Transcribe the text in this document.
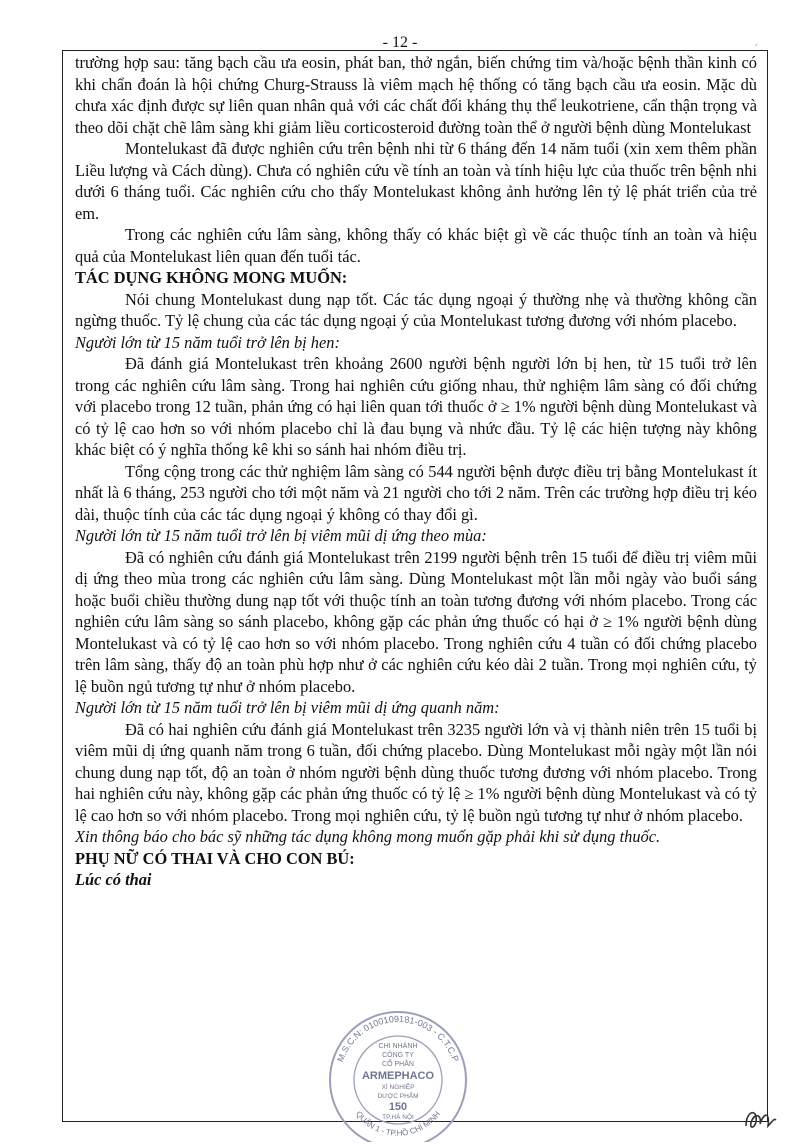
- 12 -	´

trường hợp sau: tăng bạch cầu ưa eosin, phát ban, thở ngắn, biến chứng tim và/hoặc bệnh thần kinh có khi chẩn đoán là hội chứng Churg-Strauss là viêm mạch hệ thống có tăng bạch cầu ưa eosin. Mặc dù chưa xác định được sự liên quan nhân quả với các chất đối kháng thụ thể leukotriene, cẩn thận trọng và theo dõi chặt chẽ lâm sàng khi giảm liều corticosteroid đường toàn thể ở người bệnh dùng Montelukast

Montelukast đã được nghiên cứu trên bệnh nhi từ 6 tháng đến 14 năm tuổi (xin xem thêm phần Liều lượng và Cách dùng). Chưa có nghiên cứu về tính an toàn và tính hiệu lực của thuốc trên bệnh nhi dưới 6 tháng tuổi. Các nghiên cứu cho thấy Montelukast không ảnh hưởng lên tỷ lệ phát triển của trẻ em.

Trong các nghiên cứu lâm sàng, không thấy có khác biệt gì về các thuộc tính an toàn và hiệu quả của Montelukast liên quan đến tuổi tác.

TÁC DỤNG KHÔNG MONG MUỐN:

Nói chung Montelukast dung nạp tốt. Các tác dụng ngoại ý thường nhẹ và thường không cần ngừng thuốc. Tỷ lệ chung của các tác dụng ngoại ý của Montelukast tương đương với nhóm placebo.

Người lớn từ 15 năm tuổi trở lên bị hen:

Đã đánh giá Montelukast trên khoảng 2600 người bệnh người lớn bị hen, từ 15 tuổi trở lên trong các nghiên cứu lâm sàng. Trong hai nghiên cứu giống nhau, thử nghiệm lâm sàng có đối chứng với placebo trong 12 tuần, phản ứng có hại liên quan tới thuốc ở ≥ 1% người bệnh dùng Montelukast và có tỷ lệ cao hơn so với nhóm placebo chỉ là đau bụng và nhức đầu. Tỷ lệ các hiện tượng này không khác biệt có ý nghĩa thống kê khi so sánh hai nhóm điều trị.

Tổng cộng trong các thử nghiệm lâm sàng có 544 người bệnh được điều trị bằng Montelukast ít nhất là 6 tháng, 253 người cho tới một năm và 21 người cho tới 2 năm. Trên các trường hợp điều trị kéo dài, thuộc tính của các tác dụng ngoại ý không có thay đổi gì.

Người lớn từ 15 năm tuổi trở lên bị viêm mũi dị ứng theo mùa:

Đã có nghiên cứu đánh giá Montelukast trên 2199 người bệnh trên 15 tuổi để điều trị viêm mũi dị ứng theo mùa trong các nghiên cứu lâm sàng. Dùng Montelukast một lần mỗi ngày vào buổi sáng hoặc buổi chiều thường dung nạp tốt với thuộc tính an toàn tương đương với nhóm placebo. Trong các nghiên cứu lâm sàng so sánh placebo, không gặp các phản ứng thuốc có hại ở ≥ 1% người bệnh dùng Montelukast và có tỷ lệ cao hơn so với nhóm placebo. Trong nghiên cứu 4 tuần có đối chứng placebo trên lâm sàng, thấy độ an toàn phù hợp như ở các nghiên cứu kéo dài 2 tuần. Trong mọi nghiên cứu, tỷ lệ buồn ngủ tương tự như ở nhóm placebo.

Người lớn từ 15 năm tuổi trở lên bị viêm mũi dị ứng quanh năm:

Đã có hai nghiên cứu đánh giá Montelukast trên 3235 người lớn và vị thành niên trên 15 tuổi bị viêm mũi dị ứng quanh năm trong 6 tuần, đối chứng placebo. Dùng Montelukast mỗi ngày một lần nói chung dung nạp tốt, độ an toàn ở nhóm người bệnh dùng thuốc tương đương với nhóm placebo. Trong hai nghiên cứu này, không gặp các phản ứng thuốc có tỷ lệ ≥ 1% người bệnh dùng Montelukast và có tỷ lệ cao hơn so với nhóm placebo. Trong mọi nghiên cứu, tỷ lệ buồn ngủ tương tự như ở nhóm placebo.

Xin thông báo cho bác sỹ những tác dụng không mong muốn gặp phải khi sử dụng thuốc.

PHỤ NỮ CÓ THAI VÀ CHO CON BÚ:

Lúc có thai

M.S.C.N: 0100109181-003 - C.T.C.P
QUẬN 1 - TP.HỒ CHÍ MINH
CHI NHÁNH
CÔNG TY
CỔ PHẦN
ARMEPHACO
XÍ NGHIỆP
DƯỢC PHẨM
150
TP.HÀ NỘI
